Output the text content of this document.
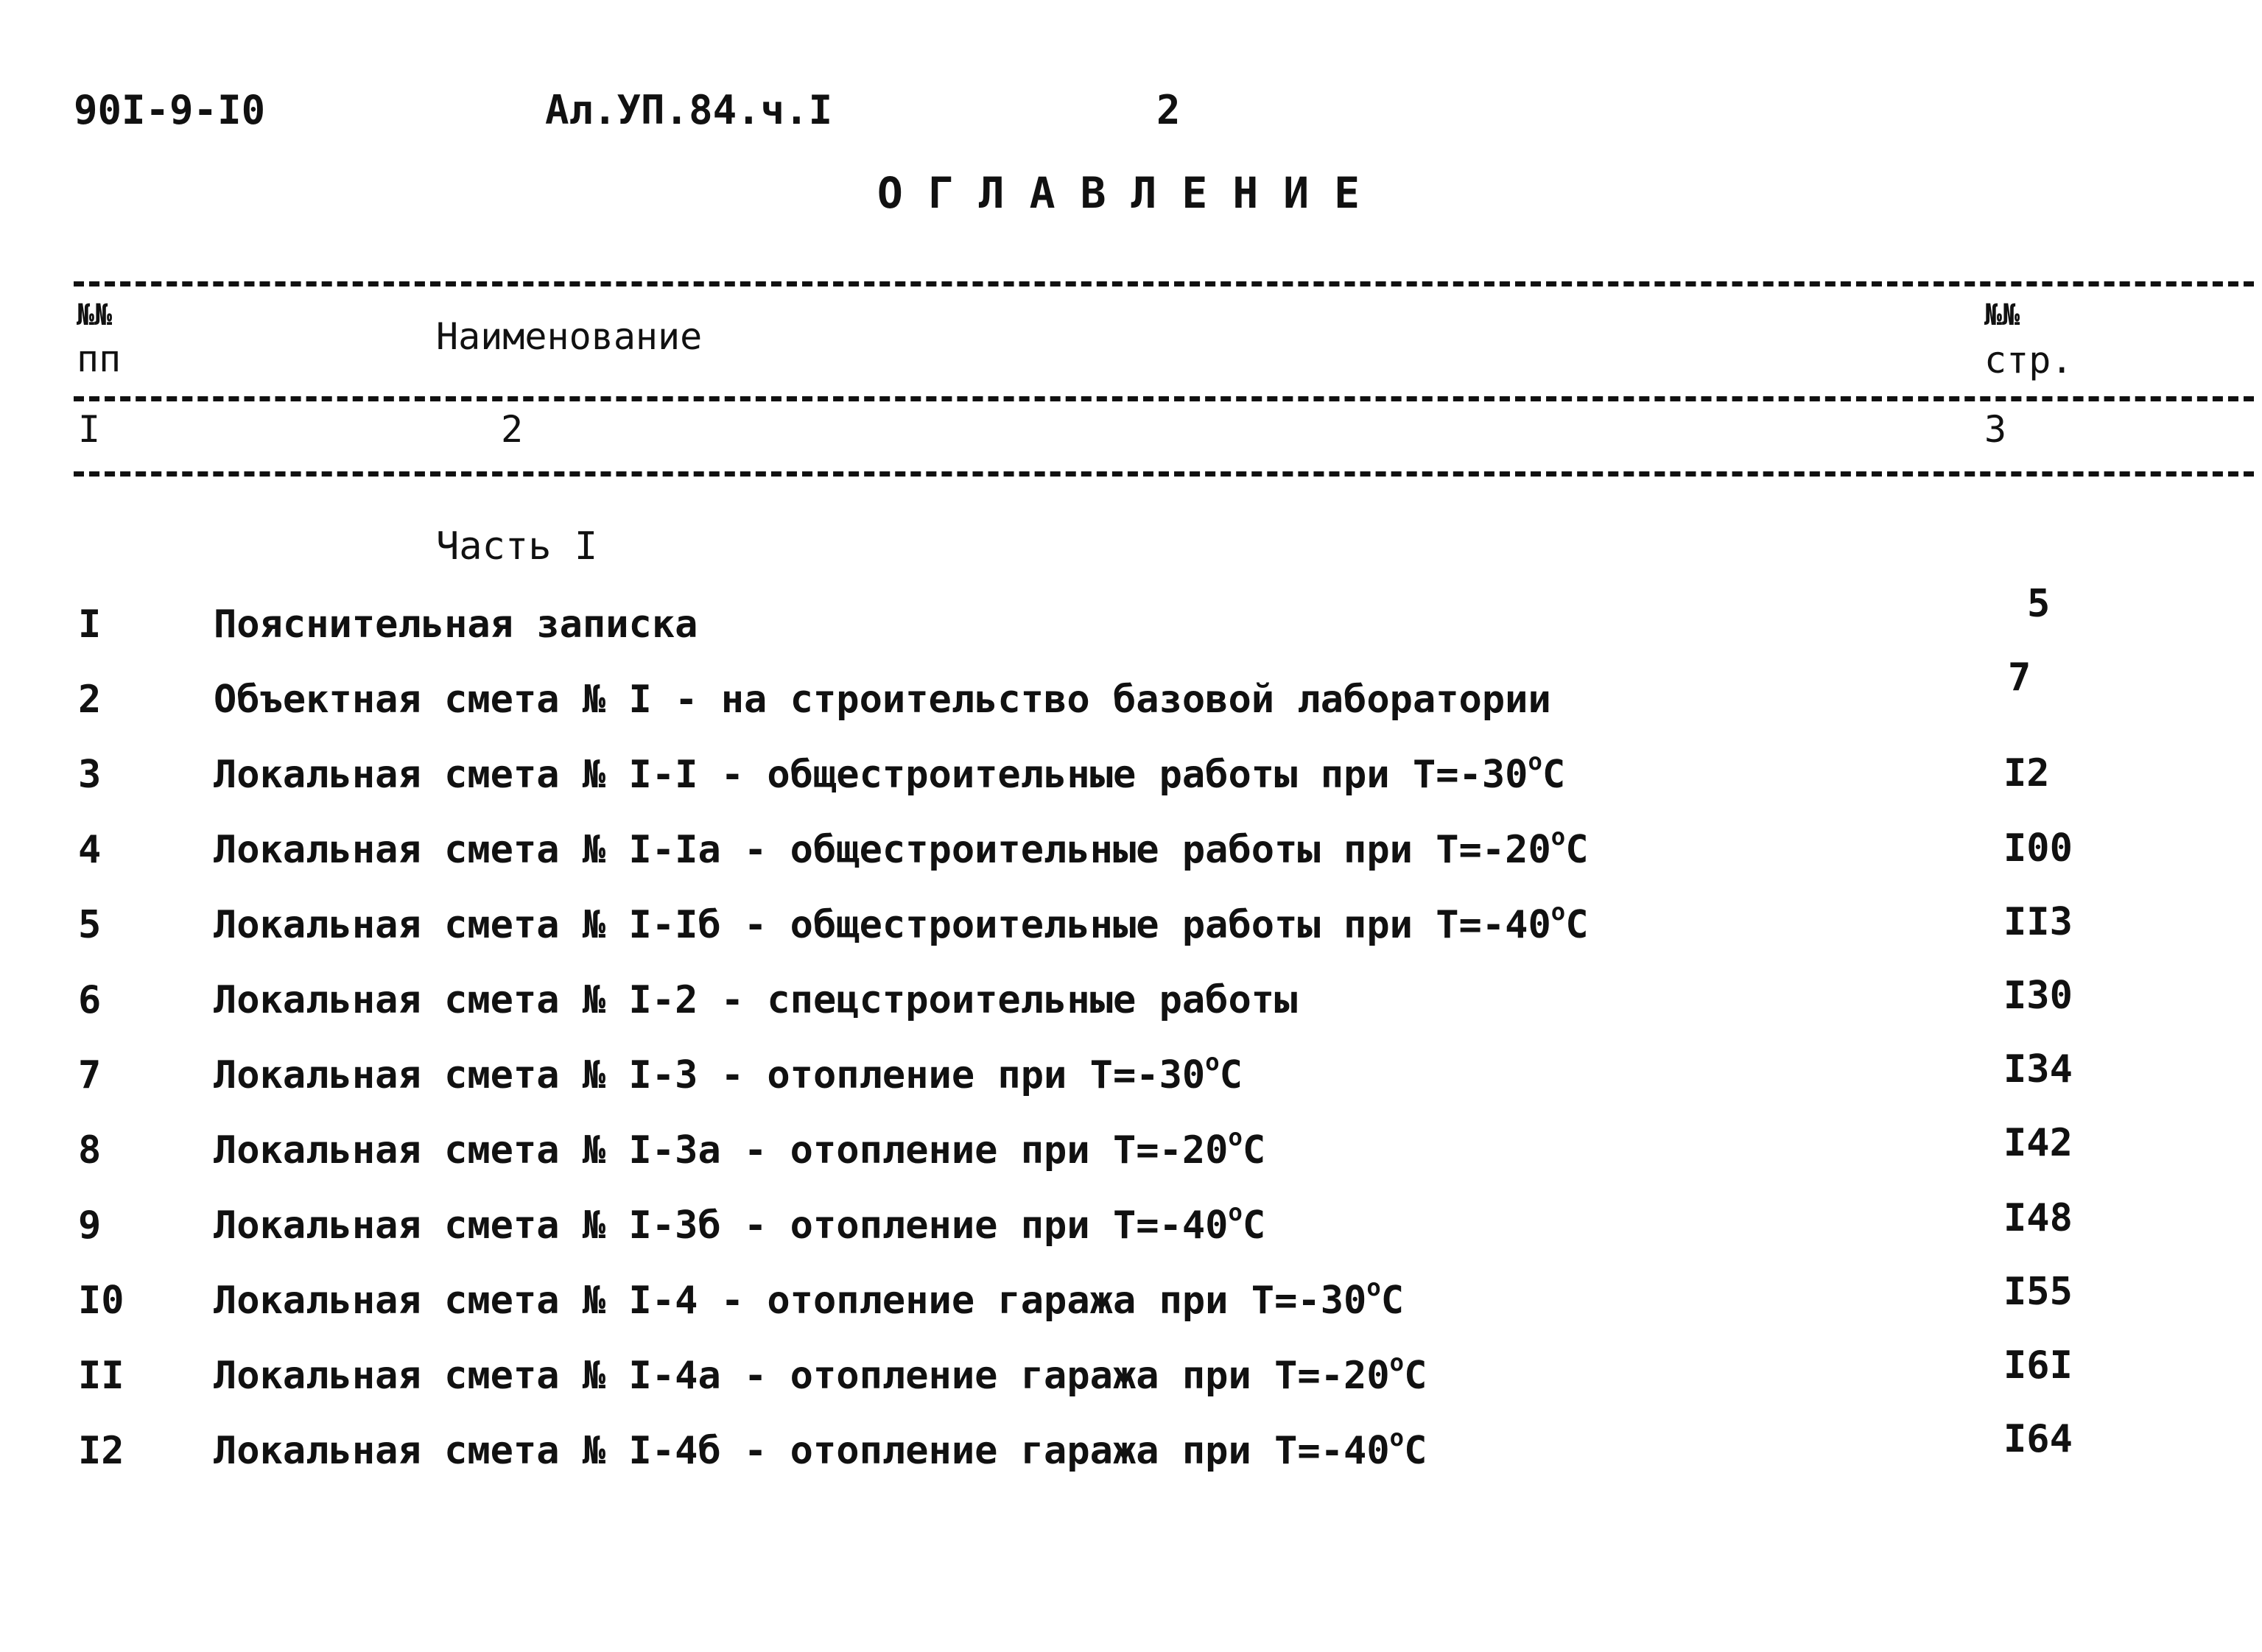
90I-9-I0	Ал.УП.84.ч.I	2
ОГЛАВЛЕНИЕ
№№
пп
Наименование	№№
стр.
I	2	3
Часть I
I	Пояснительная записка	5
2	Объектная смета № I - на строительство базовой лаборатории	7
3	Локальная смета № I-I - общестроительные работы при $Т=-30^оС$	I2
4	Локальная смета № I-Iа - общестроительные работы при $Т=-20^оС$	I00
5	Локальная смета № I-Iб - общестроительные работы при $Т=-40^оС$	II3
6	Локальная смета № I-2 - спецстроительные работы	I30
7	Локальная смета № I-3 - отопление при $Т=-30^оС$	I34
8	Локальная смета № I-3а - отопление при $Т=-20^оС$	I42
9	Локальная смета № I-3б - отопление при $Т=-40^оС$	I48
I0 Локальная смета № I-4 - отопление гаража при $Т=-30^оС$	I55
II Локальная смета № I-4а - отопление гаража при $Т=-20^оС$	I6I
I2 Локальная смета № I-4б - отопление гаража при $Т=-40^оС$	I64
